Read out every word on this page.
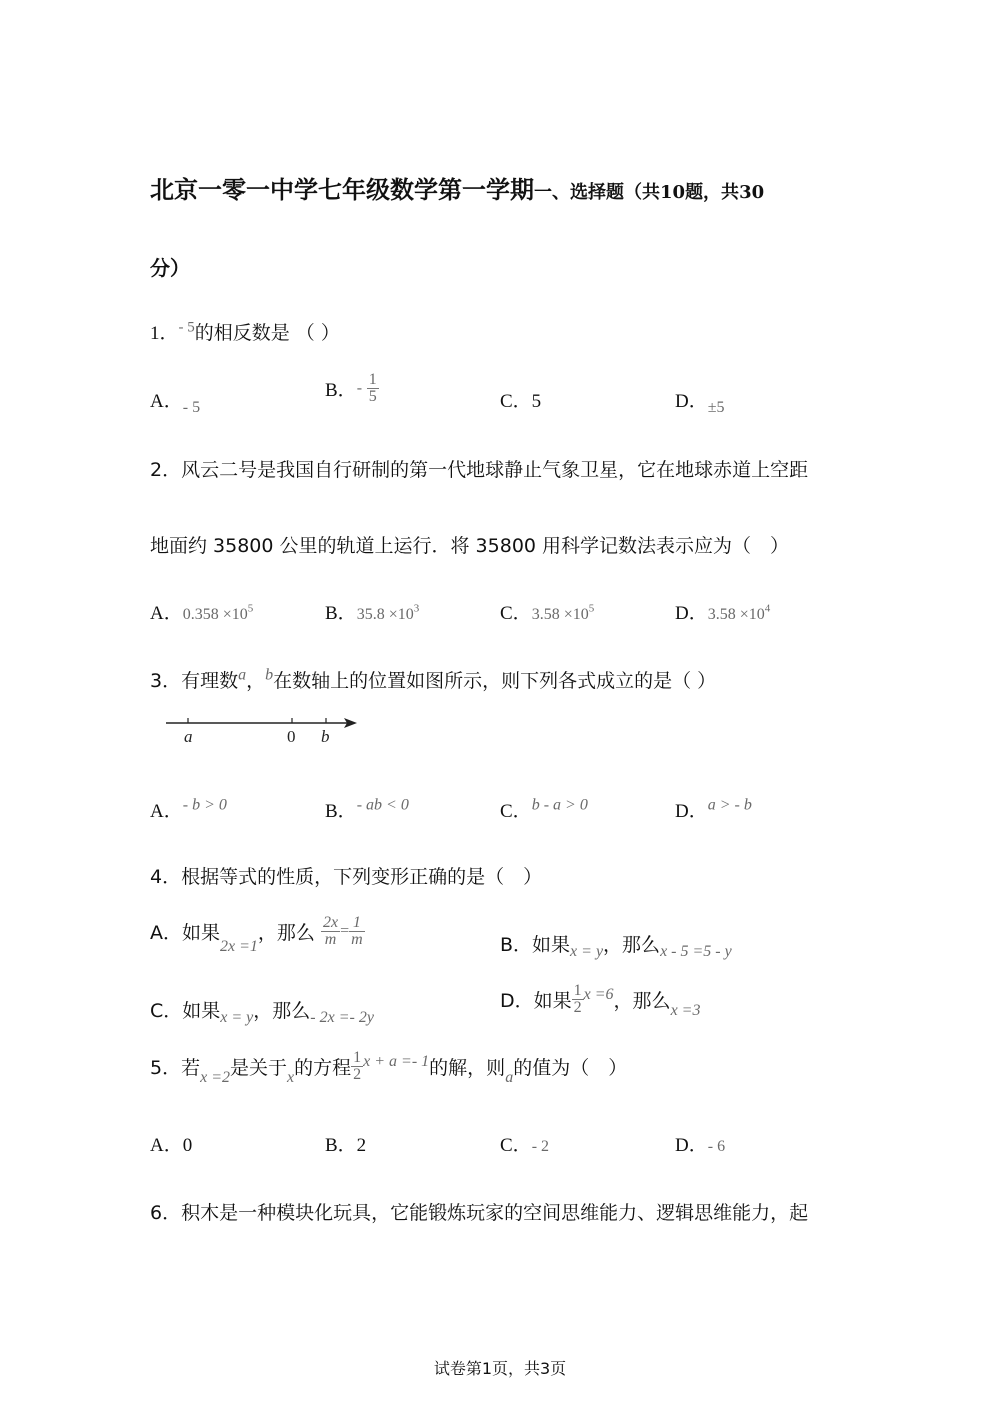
北京一零一中学七年级数学第一学期一、选择题（共10题，共30
分）
1．$^{- 5}$的相反数是 （ ）
A．$_{- 5}$
B．- $\frac{1}{5}$	C．5	D．$_{\pm 5}$
2．风云二号是我国自行研制的第一代地球静止气象卫星，它在地球赤道上空距
地面约 35800 公里的轨道上运行．将 35800 用科学记数法表示应为（　）
A．$0.358 \times 10^5$	B．$35.8 \times 10^3$	C．$3.58 \times 10^5$	D．$3.58 \times 10^4$
3．有理数$^a$，$^b$在数轴上的位置如图所示，则下列各式成立的是（ ）
a	0 b
A．$^{- b > 0}$	B．$^{- ab < 0}$	C．$^{b - a > 0}$	D．$^{a > - b}$
4．根据等式的性质，下列变形正确的是（　）
A．如果$_{2x =1}$，那么 $\frac{2x}{m} = \frac{1}{m}$	B．如果$_{x = y}$，那么$_{x - 5 =5 - y}$
C．如果$_{x = y}$，那么$_{- 2x =- 2y}$
D．如果 $\frac{1}{2} ^{x =6}$，那么$_{x =3}$
5．若$_{x =2}$是关于$_x$的方程 $\frac{1}{2} ^{x + a =- 1}$的解，则$_a$的值为（　）
A．0	B．2	C．- 2	D．- 6
6．积木是一种模块化玩具，它能锻炼玩家的空间思维能力、逻辑思维能力，起
试卷第1页，共3页
